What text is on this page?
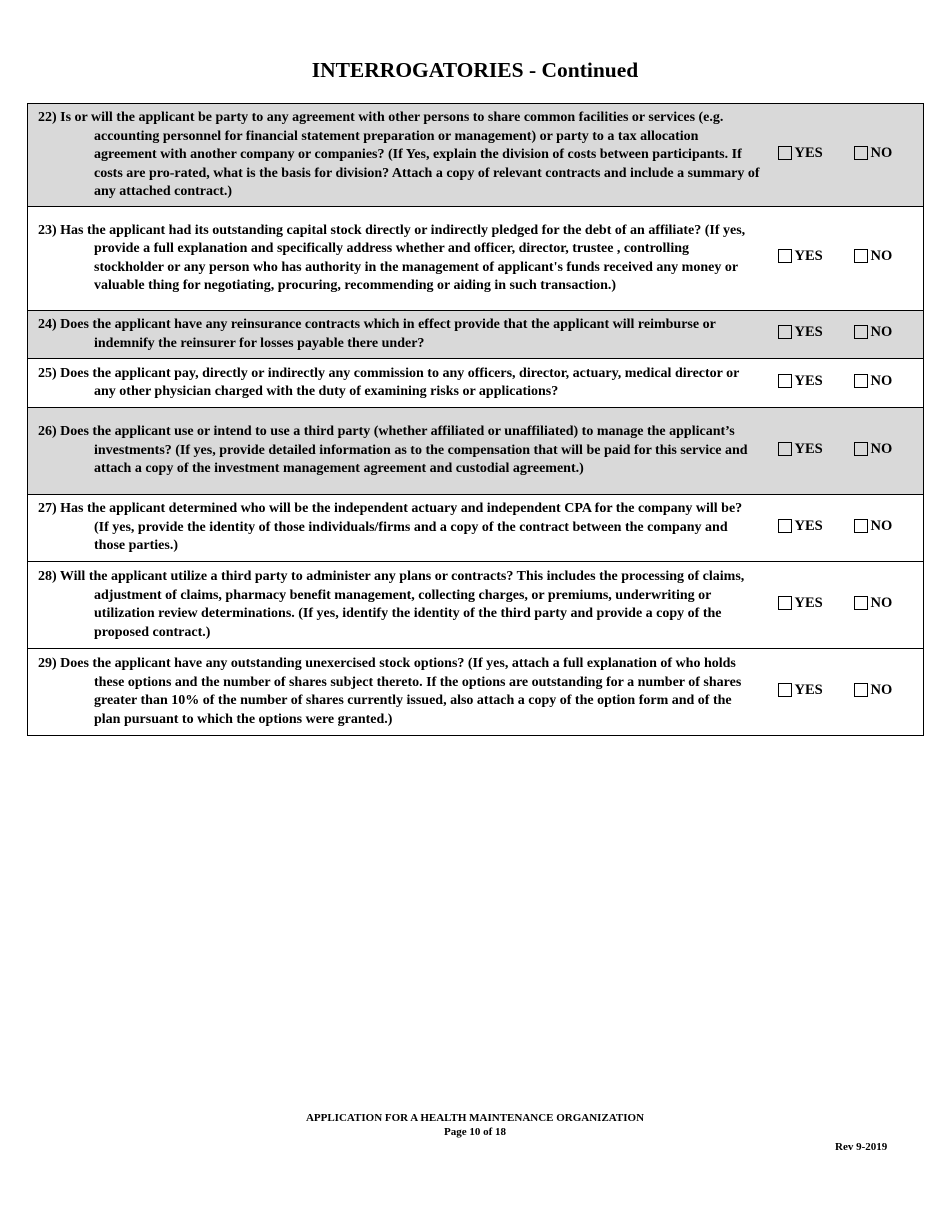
INTERROGATORIES - Continued
22) Is or will the applicant be party to any agreement with other persons to share common facilities or services (e.g. accounting personnel for financial statement preparation or management) or party to a tax allocation agreement with another company or companies? (If Yes, explain the division of costs between participants. If costs are pro-rated, what is the basis for division? Attach a copy of relevant contracts and include a summary of any attached contract.)	YES	NO

23) Has the applicant had its outstanding capital stock directly or indirectly pledged for the debt of an affiliate? (If yes, provide a full explanation and specifically address whether and officer, director, trustee , controlling stockholder or any person who has authority in the management of applicant's funds received any money or valuable thing for negotiating, procuring, recommending or aiding in such transaction.)	YES	NO

24) Does the applicant have any reinsurance contracts which in effect provide that the applicant will reimburse or indemnify the reinsurer for losses payable there under?	YES	NO

25) Does the applicant pay, directly or indirectly any commission to any officers, director, actuary, medical director or any other physician charged with the duty of examining risks or applications?	YES	NO

26) Does the applicant use or intend to use a third party (whether affiliated or unaffiliated) to manage the applicant’s investments? (If yes, provide detailed information as to the compensation that will be paid for this service and attach a copy of the investment management agreement and custodial agreement.)	YES	NO

27) Has the applicant determined who will be the independent actuary and independent CPA for the company will be? (If yes, provide the identity of those individuals/firms and a copy of the contract between the company and those parties.)	YES	NO

28) Will the applicant utilize a third party to administer any plans or contracts? This includes the processing of claims, adjustment of claims, pharmacy benefit management, collecting charges, or premiums, underwriting or utilization review determinations. (If yes, identify the identity of the third party and provide a copy of the proposed contract.)	YES	NO

29) Does the applicant have any outstanding unexercised stock options? (If yes, attach a full explanation of who holds these options and the number of shares subject thereto. If the options are outstanding for a number of shares greater than 10% of the number of shares currently issued, also attach a copy of the option form and of the plan pursuant to which the options were granted.)	YES	NO
APPLICATION FOR A HEALTH MAINTENANCE ORGANIZATION
Page 10 of 18
Rev 9-2019
